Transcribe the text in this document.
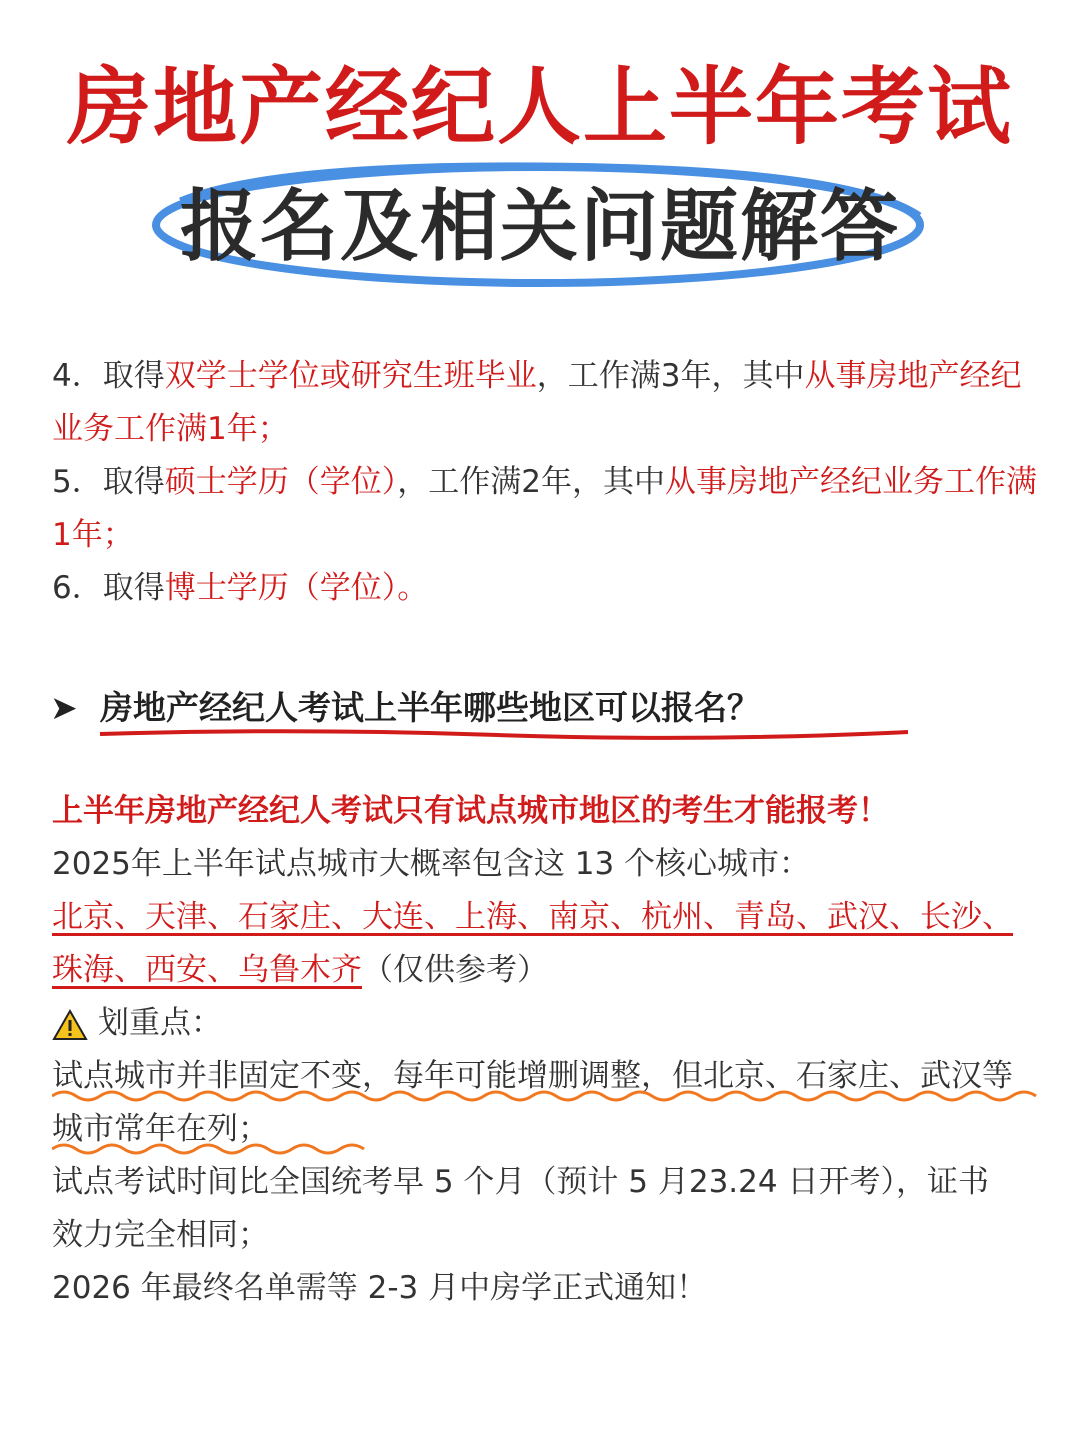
房地产经纪人上半年考试
报名及相关问题解答

4．取得双学士学位或研究生班毕业，工作满3年，其中从事房地产经纪业务工作满1年；

5．取得硕士学历（学位），工作满2年，其中从事房地产经纪业务工作满1年；

6．取得博士学历（学位）。

➤ 房地产经纪人考试上半年哪些地区可以报名？

上半年房地产经纪人考试只有试点城市地区的考生才能报考！

2025年上半年试点城市大概率包含这 13 个核心城市：

北京、天津、石家庄、大连、上海、南京、杭州、青岛、武汉、长沙、珠海、西安、乌鲁木齐（仅供参考）

划重点：

试点城市并非固定不变，每年可能增删调整，但北京、石家庄、武汉等城市常年在列；

试点考试时间比全国统考早 5 个月（预计 5 月23.24 日开考），证书效力完全相同；

2026 年最终名单需等 2-3 月中房学正式通知！
